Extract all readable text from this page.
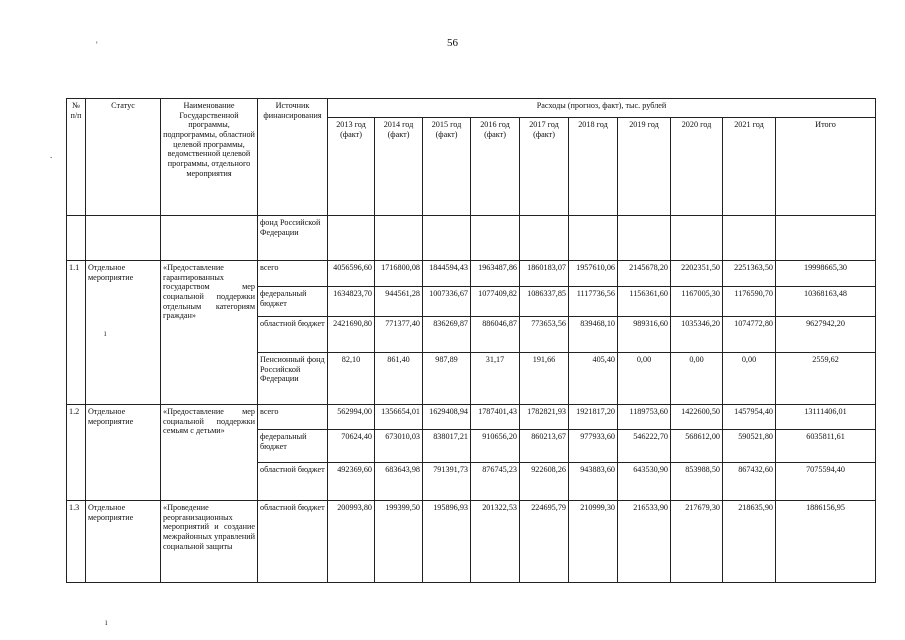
56
'
.
ı
ı
№ п/п	Статус	Наименование Государственной программы, подпрограммы, областной целевой программы, ведомственной целевой программы, отдельного мероприятия	Источник финансирования	Расходы (прогноз, факт), тыс. рублей									
				2013 год (факт)	2014 год (факт)	2015 год (факт)	2016 год (факт)	2017 год (факт)	2018 год	2019 год	2020 год	2021 год	Итого
			фонд Российской Федерации										
1.1	Отдельное мероприятие	«Предоставление гарантированных государством мер социальной поддержки отдельным категориям граждан»	всего	4056596,60	1716800,08	1844594,43	1963487,86	1860183,07	1957610,06	2145678,20	2202351,50	2251363,50	19998665,30
			федеральный бюджет	1634823,70	944561,28	1007336,67	1077409,82	1086337,85	1117736,56	1156361,60	1167005,30	1176590,70	10368163,48
			областной бюджет	2421690,80	771377,40	836269,87	886046,87	773653,56	839468,10	989316,60	1035346,20	1074772,80	9627942,20
			Пенсионный фонд Российской Федерации	82,10	861,40	987,89	31,17	191,66	405,40	0,00	0,00	0,00	2559,62
1.2	Отдельное мероприятие	«Предоставление мер социальной поддержки семьям с детьми»	всего	562994,00	1356654,01	1629408,94	1787401,43	1782821,93	1921817,20	1189753,60	1422600,50	1457954,40	13111406,01
			федеральный бюджет	70624,40	673010,03	838017,21	910656,20	860213,67	977933,60	546222,70	568612,00	590521,80	6035811,61
			областной бюджет	492369,60	683643,98	791391,73	876745,23	922608,26	943883,60	643530,90	853988,50	867432,60	7075594,40
1.3	Отдельное мероприятие	«Проведение реорганизационных мероприятий и создание межрайонных управлений социальной защиты	областной бюджет	200993,80	199399,50	195896,93	201322,53	224695,79	210999,30	216533,90	217679,30	218635,90	1886156,95
